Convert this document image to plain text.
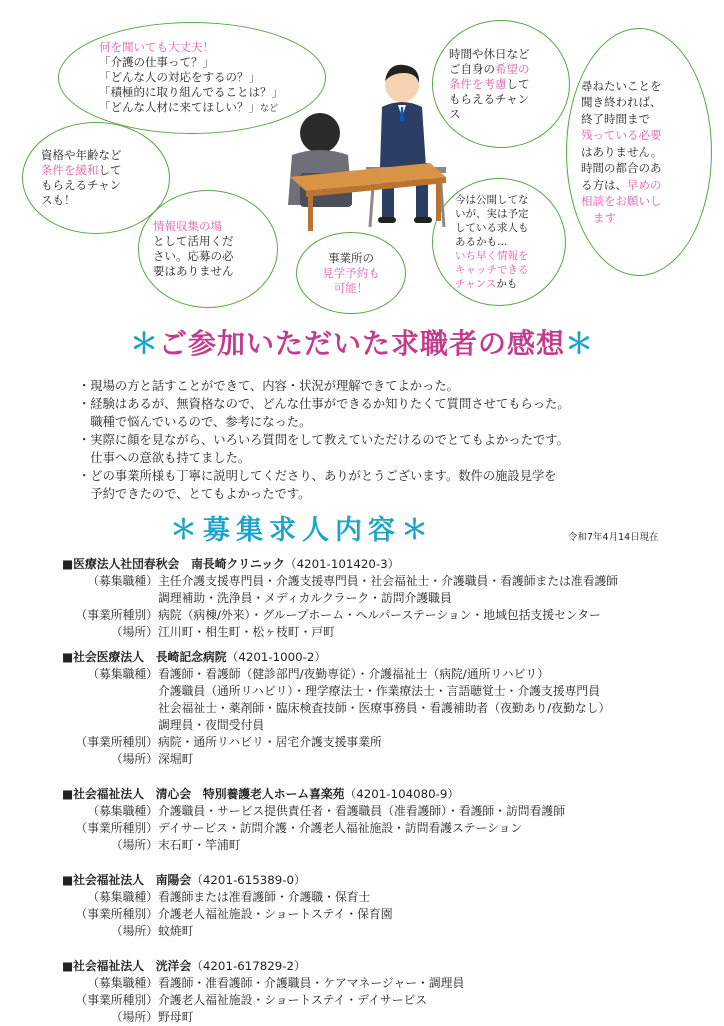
何を聞いても大丈夫！
「介護の仕事って？」
「どんな人の対応をするの？」
「積極的に取り組んでることは？」
「どんな人材に来てほしい？」など
資格や年齢など
条件を緩和して
もらえるチャン
スも！
時間や休日など
ご自身の希望の
条件を考慮して
もらえるチャン
ス
尋ねたいことを
聞き終われば、
終了時間まで
残っている必要
はありません。
時間の都合のあ
る方は、早めの
相談をお願いし
ます
情報収集の場
として活用くだ
さい。応募の必
要はありません
事業所の
見学予約も
可能！
今は公開してな
いが、実は予定
している求人も
あるかも…
いち早く情報を
キャッチできる
チャンスかも
＊ご参加いただいた求職者の感想＊
・現場の方と話すことができて、内容・状況が理解できてよかった。
・経験はあるが、無資格なので、どんな仕事ができるか知りたくて質問させてもらった。
　職種で悩んでいるので、参考になった。
・実際に顔を見ながら、いろいろ質問をして教えていただけるのでとてもよかったです。
　仕事への意欲も持てました。
・どの事業所様も丁寧に説明してくださり、ありがとうございます。数件の施設見学を
　予約できたので、とてもよかったです。
＊募集求人内容＊	令和7年4月14日現在
■医療法人社団春秋会　南長崎クリニック（4201-101420-3）
（募集職種） 主任介護支援専門員・介護支援専門員・社会福祉士・介護職員・看護師または准看護師
調理補助・洗浄員・メディカルクラーク・訪問介護職員
（事業所種別） 病院（病棟/外来）・グループホーム・ヘルパーステーション・地域包括支援センター
（場所） 江川町・相生町・松ヶ枝町・戸町
■社会医療法人　長崎記念病院（4201-1000-2）
（募集職種） 看護師・看護師（健診部門/夜勤専従）・介護福祉士（病院/通所リハビリ）
介護職員（通所リハビリ）・理学療法士・作業療法士・言語聴覚士・介護支援専門員
社会福祉士・薬剤師・臨床検査技師・医療事務員・看護補助者（夜勤あり/夜勤なし）
調理員・夜間受付員
（事業所種別） 病院・通所リハビリ・居宅介護支援事業所
（場所） 深堀町
■社会福祉法人　清心会　特別養護老人ホーム喜楽苑（4201-104080-9）
（募集職種） 介護職員・サービス提供責任者・看護職員（准看護師）・看護師・訪問看護師
（事業所種別） デイサービス・訪問介護・介護老人福祉施設・訪問看護ステーション
（場所） 末石町・竿浦町
■社会福祉法人　南陽会（4201-615389-0）
（募集職種） 看護師または准看護師・介護職・保育士
（事業所種別） 介護老人福祉施設・ショートステイ・保育園
（場所） 蚊焼町
■社会福祉法人　洸洋会（4201-617829-2）
（募集職種） 看護師・准看護師・介護職員・ケアマネージャー・調理員
（事業所種別） 介護老人福祉施設・ショートステイ・デイサービス
（場所） 野母町
